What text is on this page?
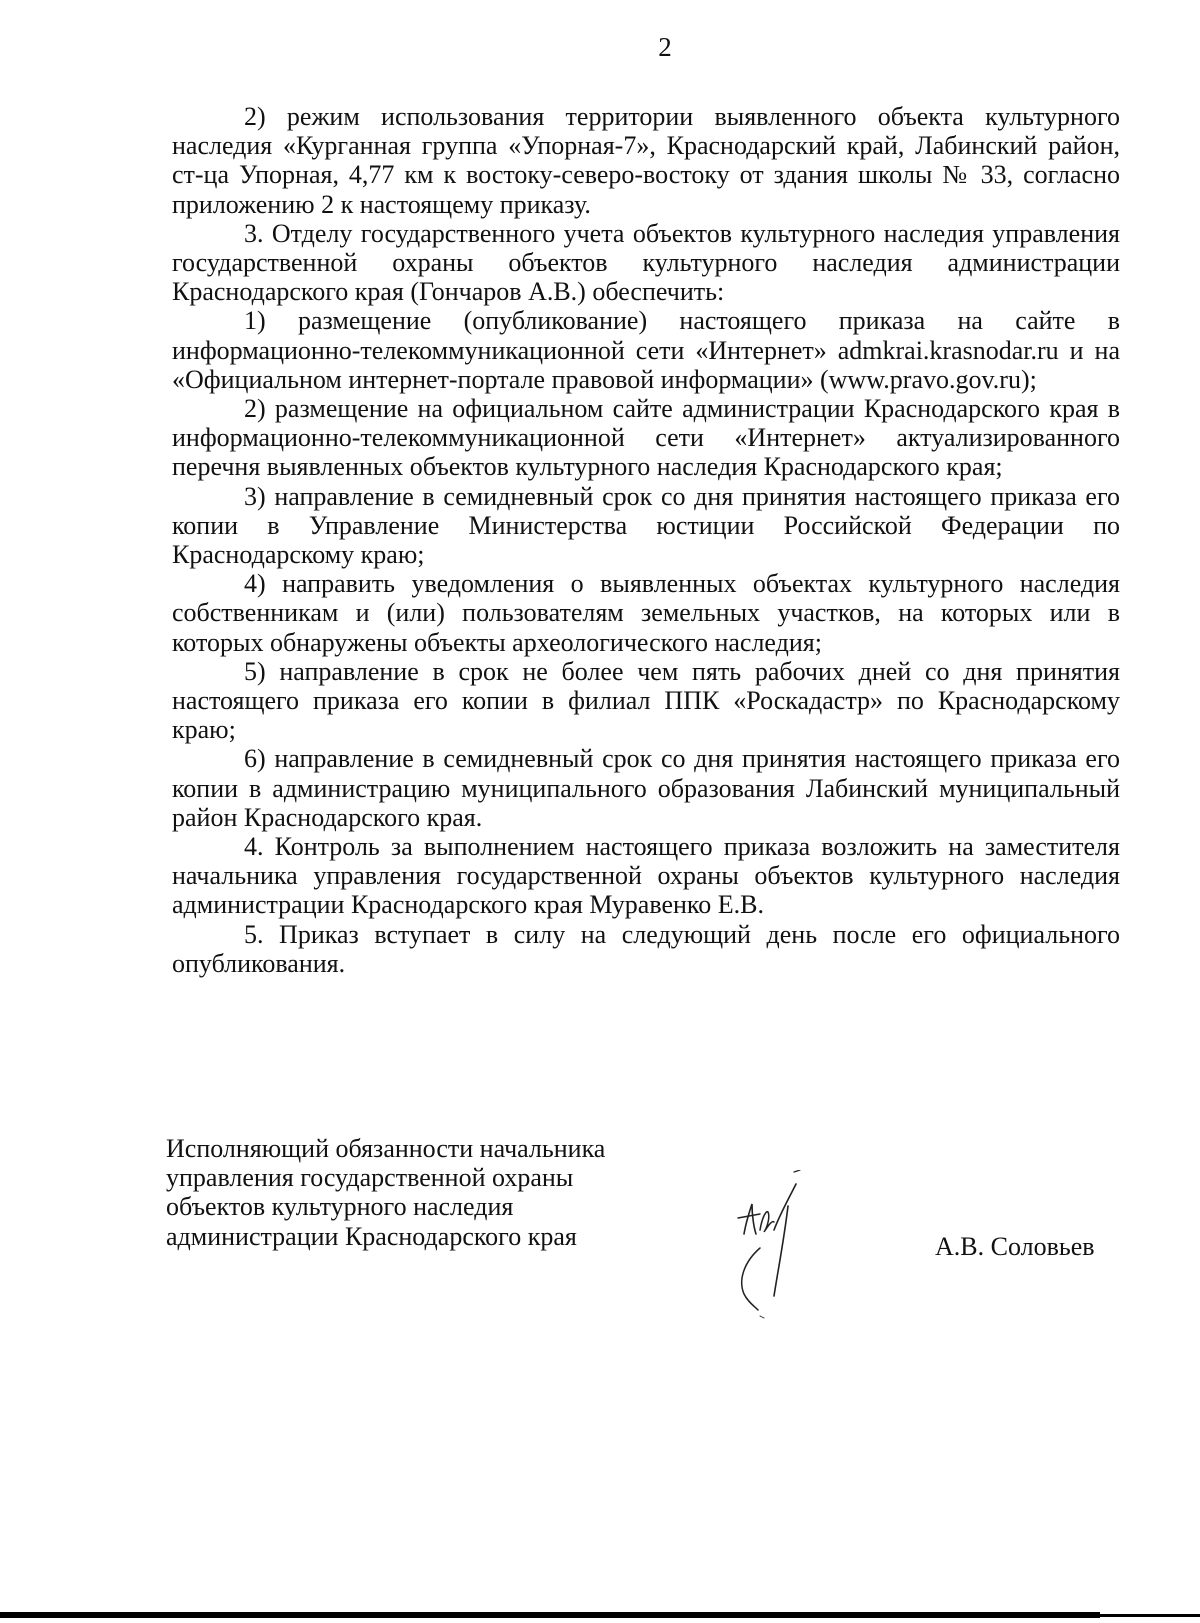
2

2) режим использования территории выявленного объекта культурного наследия «Курганная группа «Упорная-7», Краснодарский край, Лабинский район, ст-ца Упорная, 4,77 км к востоку-северо-востоку от здания школы № 33, согласно приложению 2 к настоящему приказу.

3. Отделу государственного учета объектов культурного наследия управления государственной охраны объектов культурного наследия администрации Краснодарского края (Гончаров А.В.) обеспечить:

1) размещение (опубликование) настоящего приказа на сайте в информационно-телекоммуникационной сети «Интернет» admkrai.krasnodar.ru и на «Официальном интернет-портале правовой информации» (www.pravo.gov.ru);

2) размещение на официальном сайте администрации Краснодарского края в информационно-телекоммуникационной сети «Интернет» актуализированного перечня выявленных объектов культурного наследия Краснодарского края;

3) направление в семидневный срок со дня принятия настоящего приказа его копии в Управление Министерства юстиции Российской Федерации по Краснодарскому краю;

4) направить уведомления о выявленных объектах культурного наследия собственникам и (или) пользователям земельных участков, на которых или в которых обнаружены объекты археологического наследия;

5) направление в срок не более чем пять рабочих дней со дня принятия настоящего приказа его копии в филиал ППК «Роскадастр» по Краснодарскому краю;

6) направление в семидневный срок со дня принятия настоящего приказа его копии в администрацию муниципального образования Лабинский муниципальный район Краснодарского края.

4. Контроль за выполнением настоящего приказа возложить на заместителя начальника управления государственной охраны объектов культурного наследия администрации Краснодарского края Муравенко Е.В.

5. Приказ вступает в силу на следующий день после его официального опубликования.

Исполняющий обязанности начальника
управления государственной охраны
объектов культурного наследия
администрации Краснодарского края	А.В. Соловьев
